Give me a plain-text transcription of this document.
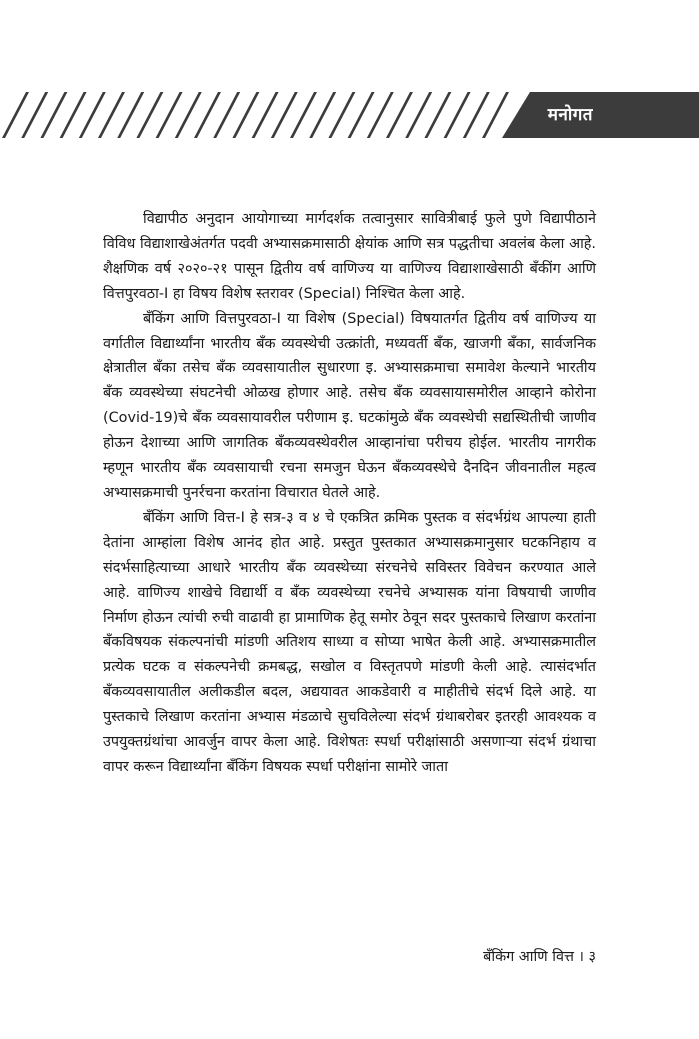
मनोगत

विद्यापीठ अनुदान आयोगाच्या मार्गदर्शक तत्वानुसार सावित्रीबाई फुले पुणे विद्यापीठाने विविध विद्याशाखेअंतर्गत पदवी अभ्यासक्रमासाठी क्षेयांक आणि सत्र पद्धतीचा अवलंब केला आहे. शैक्षणिक वर्ष २०२०-२१ पासून द्वितीय वर्ष वाणिज्य या वाणिज्य विद्याशाखेसाठी बँकींग आणि वित्तपुरवठा-I हा विषय विशेष स्तरावर (Special) निश्चित केला आहे.

बँकिंग आणि वित्तपुरवठा-I या विशेष (Special) विषयातर्गत द्वितीय वर्ष वाणिज्य या वर्गातील विद्यार्थ्यांना भारतीय बँक व्यवस्थेची उत्क्रांती, मध्यवर्ती बँक, खाजगी बँका, सार्वजनिक क्षेत्रातील बँका तसेच बँक व्यवसायातील सुधारणा इ. अभ्यासक्रमाचा समावेश केल्याने भारतीय बँक व्यवस्थेच्या संघटनेची ओळख होणार आहे. तसेच बँक व्यवसायासमोरील आव्हाने कोरोना (Covid-19)चे बँक व्यवसायावरील परीणाम इ. घटकांमुळे बँक व्यवस्थेची सद्यस्थितीची जाणीव होऊन देशाच्या आणि जागतिक बँकव्यवस्थेवरील आव्हानांचा परीचय होईल. भारतीय नागरीक म्हणून भारतीय बँक व्यवसायाची रचना समजुन घेऊन बँकव्यवस्थेचे दैनदिन जीवनातील महत्व अभ्यासक्रमाची पुनर्रचना करतांना विचारात घेतले आहे.

बँकिंग आणि वित्त-I हे सत्र-३ व ४ चे एकत्रित क्रमिक पुस्तक व संदर्भग्रंथ आपल्या हाती देतांना आम्हांला विशेष आनंद होत आहे. प्रस्तुत पुस्तकात अभ्यासक्रमानुसार घटकनिहाय व संदर्भसाहित्याच्या आधारे भारतीय बँक व्यवस्थेच्या संरचनेचे सविस्तर विवेचन करण्यात आले आहे. वाणिज्य शाखेचे विद्यार्थी व बँक व्यवस्थेच्या रचनेचे अभ्यासक यांना विषयाची जाणीव निर्माण होऊन त्यांची रुची वाढावी हा प्रामाणिक हेतू समोर ठेवून सदर पुस्तकाचे लिखाण करतांना बँकविषयक संकल्पनांची मांडणी अतिशय साध्या व सोप्या भाषेत केली आहे. अभ्यासक्रमातील प्रत्येक घटक व संकल्पनेची क्रमबद्ध, सखोल व विस्तृतपणे मांडणी केली आहे. त्यासंदर्भात बँकव्यवसायातील अलीकडील बदल, अद्ययावत आकडेवारी व माहीतीचे संदर्भ दिले आहे. या पुस्तकाचे लिखाण करतांना अभ्यास मंडळाचे सुचविलेल्या संदर्भ ग्रंथाबरोबर इतरही आवश्यक व उपयुक्तग्रंथांचा आवर्जुन वापर केला आहे. विशेषतः स्पर्धा परीक्षांसाठी असणाऱ्या संदर्भ ग्रंथाचा वापर करून विद्यार्थ्यांना बँकिंग विषयक स्पर्धा परीक्षांना सामोरे जाता

बँकिंग आणि वित्त । ३
